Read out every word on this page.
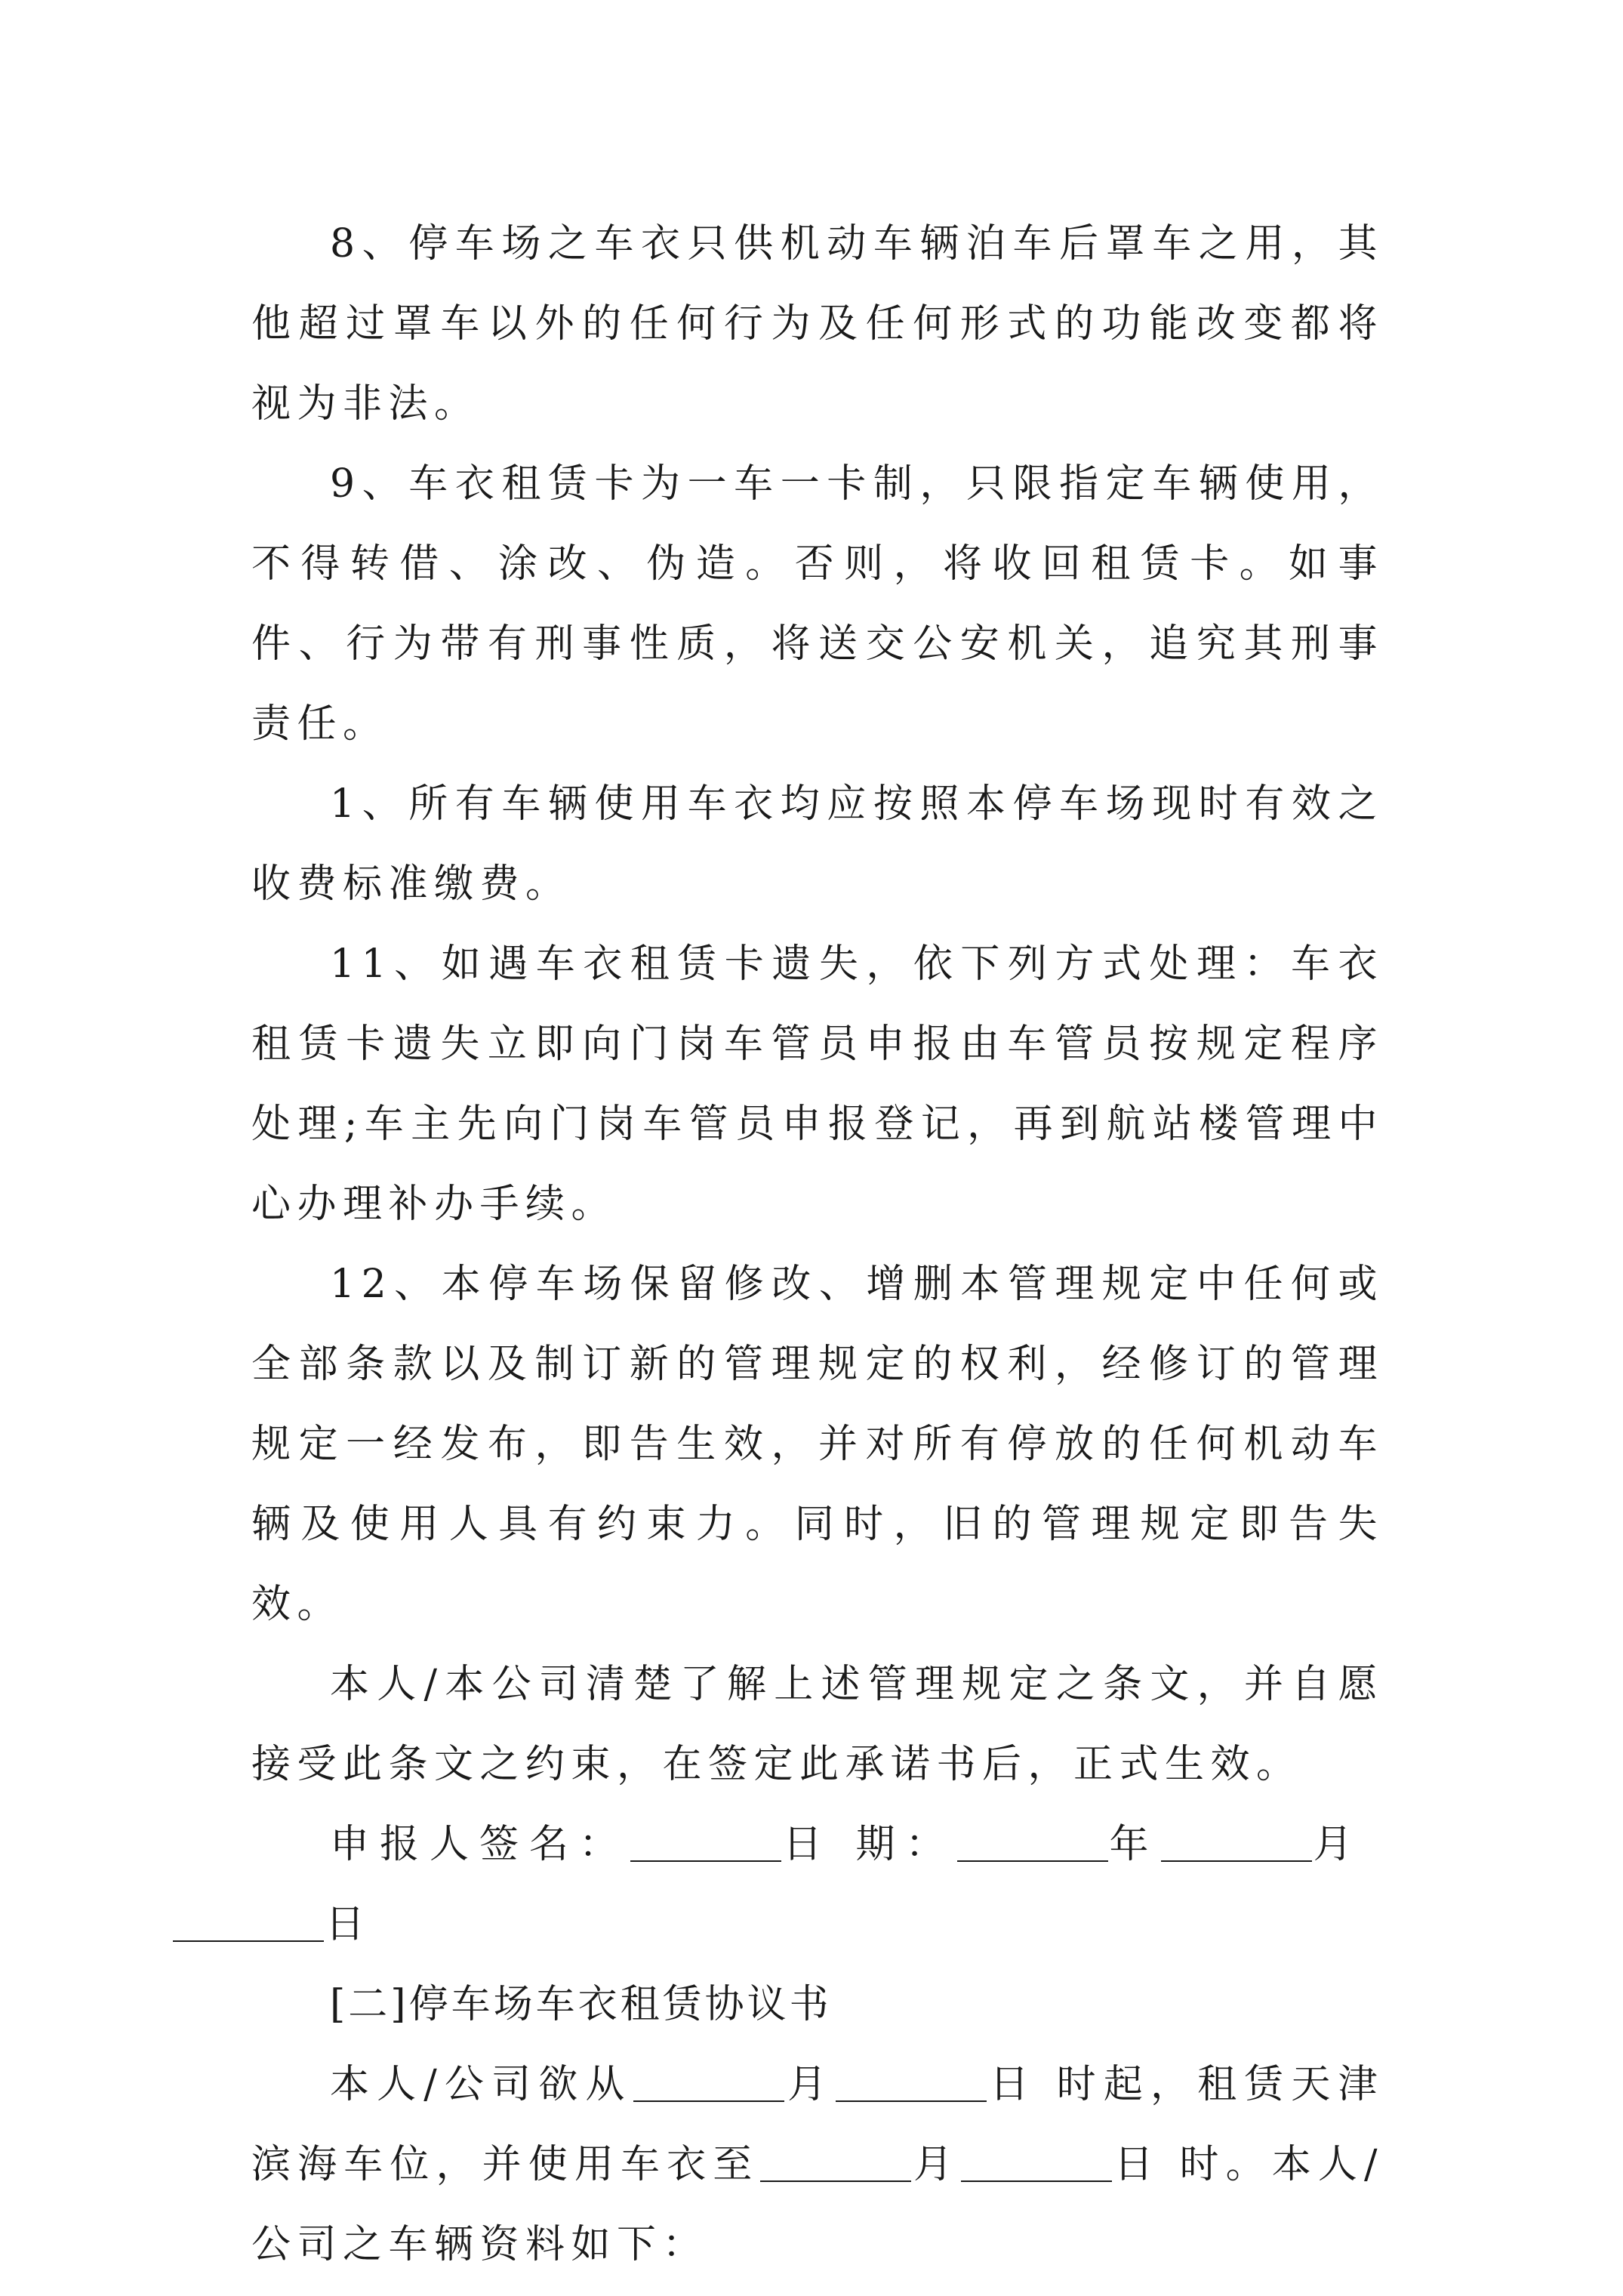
8、停车场之车衣只供机动车辆泊车后罩车之用，其他超过罩车以外的任何行为及任何形式的功能改变都将视为非法。

9、车衣租赁卡为一车一卡制，只限指定车辆使用，不得转借、涂改、伪造。否则，将收回租赁卡。如事件、行为带有刑事性质，将送交公安机关，追究其刑事责任。

1、所有车辆使用车衣均应按照本停车场现时有效之收费标准缴费。

11、如遇车衣租赁卡遗失，依下列方式处理：车衣租赁卡遗失立即向门岗车管员申报由车管员按规定程序处理;车主先向门岗车管员申报登记，再到航站楼管理中心办理补办手续。

12、本停车场保留修改、增删本管理规定中任何或全部条款以及制订新的管理规定的权利，经修订的管理规定一经发布，即告生效，并对所有停放的任何机动车辆及使用人具有约束力。同时，旧的管理规定即告失效。

本人/本公司清楚了解上述管理规定之条文，并自愿接受此条文之约束，在签定此承诺书后，正式生效。

申报人签名：	日 期：	年	月
日

[二]停车场车衣租赁协议书

本人/公司欲从	月	日 时起，租赁天津滨海车位，并使用车衣至	月	日 时。本人/公司之车辆资料如下：
